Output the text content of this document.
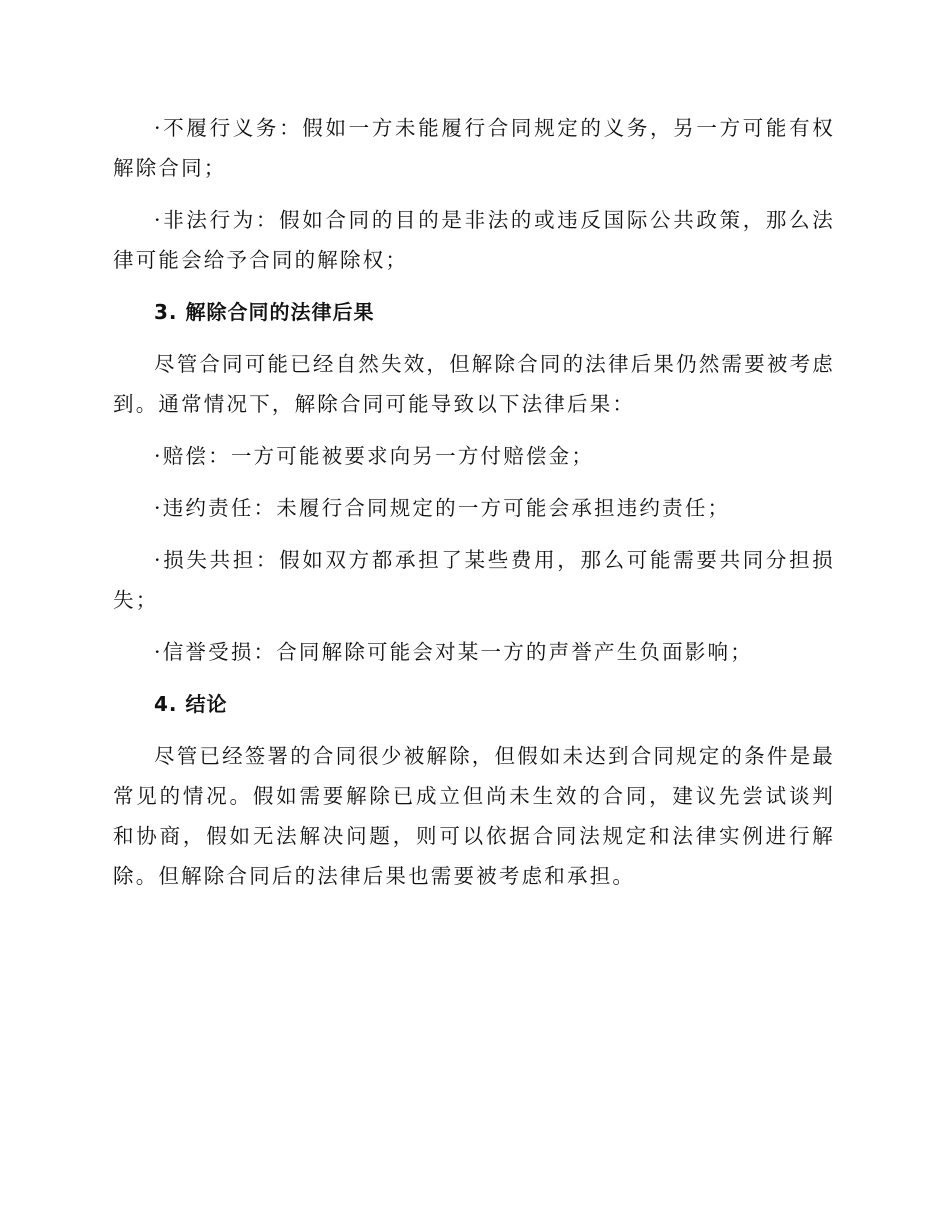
·不履行义务：假如一方未能履行合同规定的义务，另一方可能有权解除合同；

·非法行为：假如合同的目的是非法的或违反国际公共政策，那么法律可能会给予合同的解除权；

3. 解除合同的法律后果

尽管合同可能已经自然失效，但解除合同的法律后果仍然需要被考虑到。通常情况下，解除合同可能导致以下法律后果：

·赔偿：一方可能被要求向另一方付赔偿金；

·违约责任：未履行合同规定的一方可能会承担违约责任；

·损失共担：假如双方都承担了某些费用，那么可能需要共同分担损失；

·信誉受损：合同解除可能会对某一方的声誉产生负面影响；

4. 结论

尽管已经签署的合同很少被解除，但假如未达到合同规定的条件是最常见的情况。假如需要解除已成立但尚未生效的合同，建议先尝试谈判和协商，假如无法解决问题，则可以依据合同法规定和法律实例进行解除。但解除合同后的法律后果也需要被考虑和承担。
